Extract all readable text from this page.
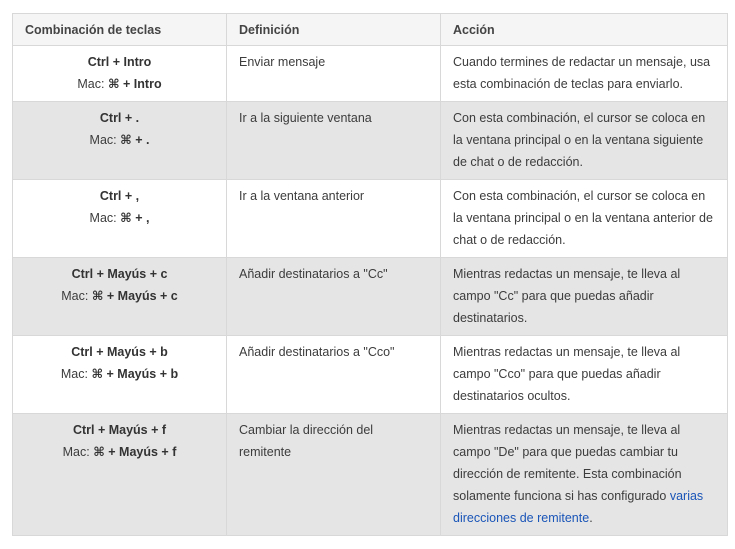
Combinación de teclas	Definición	Acción

Ctrl + Intro
Mac: ⌘ + Intro	Enviar mensaje	Cuando termines de redactar un mensaje, usa esta combinación de teclas para enviarlo.

Ctrl + .
Mac: ⌘ + .	Ir a la siguiente ventana	Con esta combinación, el cursor se coloca en la ventana principal o en la ventana siguiente de chat o de redacción.

Ctrl + ,
Mac: ⌘ + ,	Ir a la ventana anterior	Con esta combinación, el cursor se coloca en la ventana principal o en la ventana anterior de chat o de redacción.

Ctrl + Mayús + c
Mac: ⌘ + Mayús + c	Añadir destinatarios a "Cc"	Mientras redactas un mensaje, te lleva al campo "Cc" para que puedas añadir destinatarios.

Ctrl + Mayús + b
Mac: ⌘ + Mayús + b	Añadir destinatarios a "Cco"	Mientras redactas un mensaje, te lleva al campo "Cco" para que puedas añadir destinatarios ocultos.

Ctrl + Mayús + f
Mac: ⌘ + Mayús + f	Cambiar la dirección del remitente	Mientras redactas un mensaje, te lleva al campo "De" para que puedas cambiar tu dirección de remitente. Esta combinación solamente funciona si has configurado varias direcciones de remitente.
